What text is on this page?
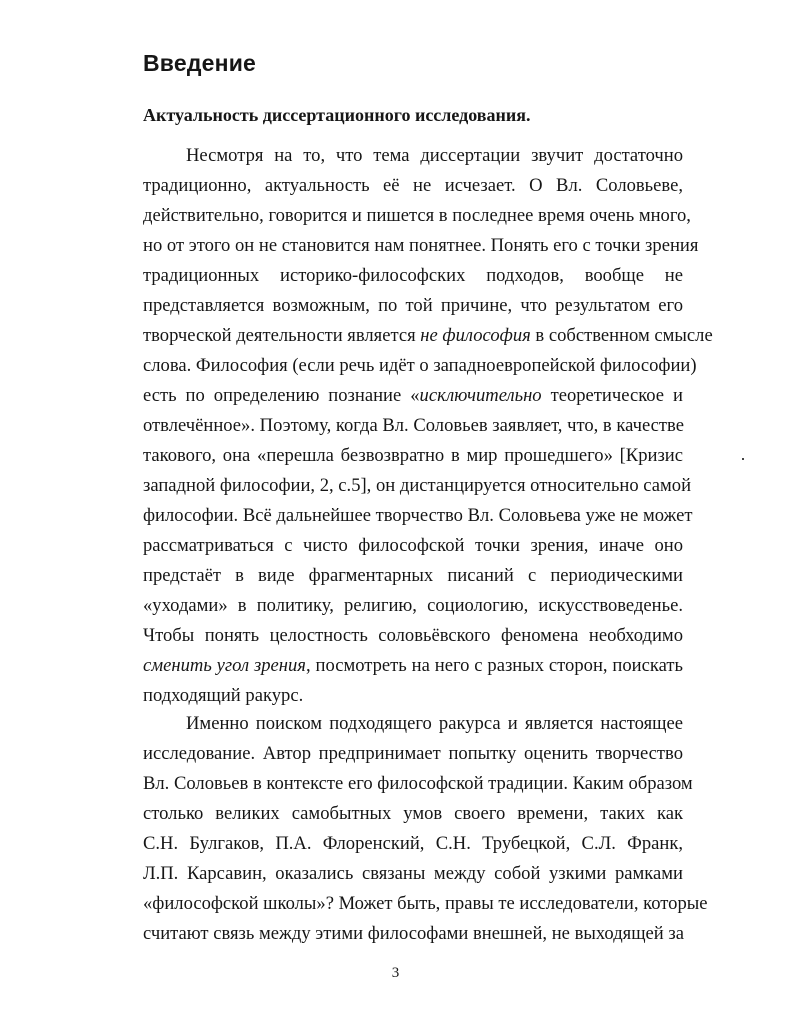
Введение
Актуальность диссертационного исследования.
Несмотря на то, что тема диссертации звучит достаточно
традиционно, актуальность её не исчезает. О Вл. Соловьеве,
действительно, говорится и пишется в последнее время очень много,
но от этого он не становится нам понятнее. Понять его с точки зрения
традиционных историко-философских подходов, вообще не
представляется возможным, по той причине, что результатом его
творческой деятельности является не философия в собственном смысле
слова. Философия (если речь идёт о западноевропейской философии)
есть по определению познание «исключительно теоретическое и
отвлечённое». Поэтому, когда Вл. Соловьев заявляет, что, в качестве
такового, она «перешла безвозвратно в мир прошедшего» [Кризис
западной философии, 2, с.5], он дистанцируется относительно самой
философии. Всё дальнейшее творчество Вл. Соловьева уже не может
рассматриваться с чисто философской точки зрения, иначе оно
предстаёт в виде фрагментарных писаний с периодическими
«уходами» в политику, религию, социологию, искусствоведенье.
Чтобы понять целостность соловьёвского феномена необходимо
сменить угол зрения, посмотреть на него с разных сторон, поискать
подходящий ракурс.
Именно поиском подходящего ракурса и является настоящее
исследование. Автор предпринимает попытку оценить творчество
Вл. Соловьев в контексте его философской традиции. Каким образом
столько великих самобытных умов своего времени, таких как
С.Н. Булгаков, П.А. Флоренский, С.Н. Трубецкой, С.Л. Франк,
Л.П. Карсавин, оказались связаны между собой узкими рамками
«философской школы»? Может быть, правы те исследователи, которые
считают связь между этими философами внешней, не выходящей за
3
